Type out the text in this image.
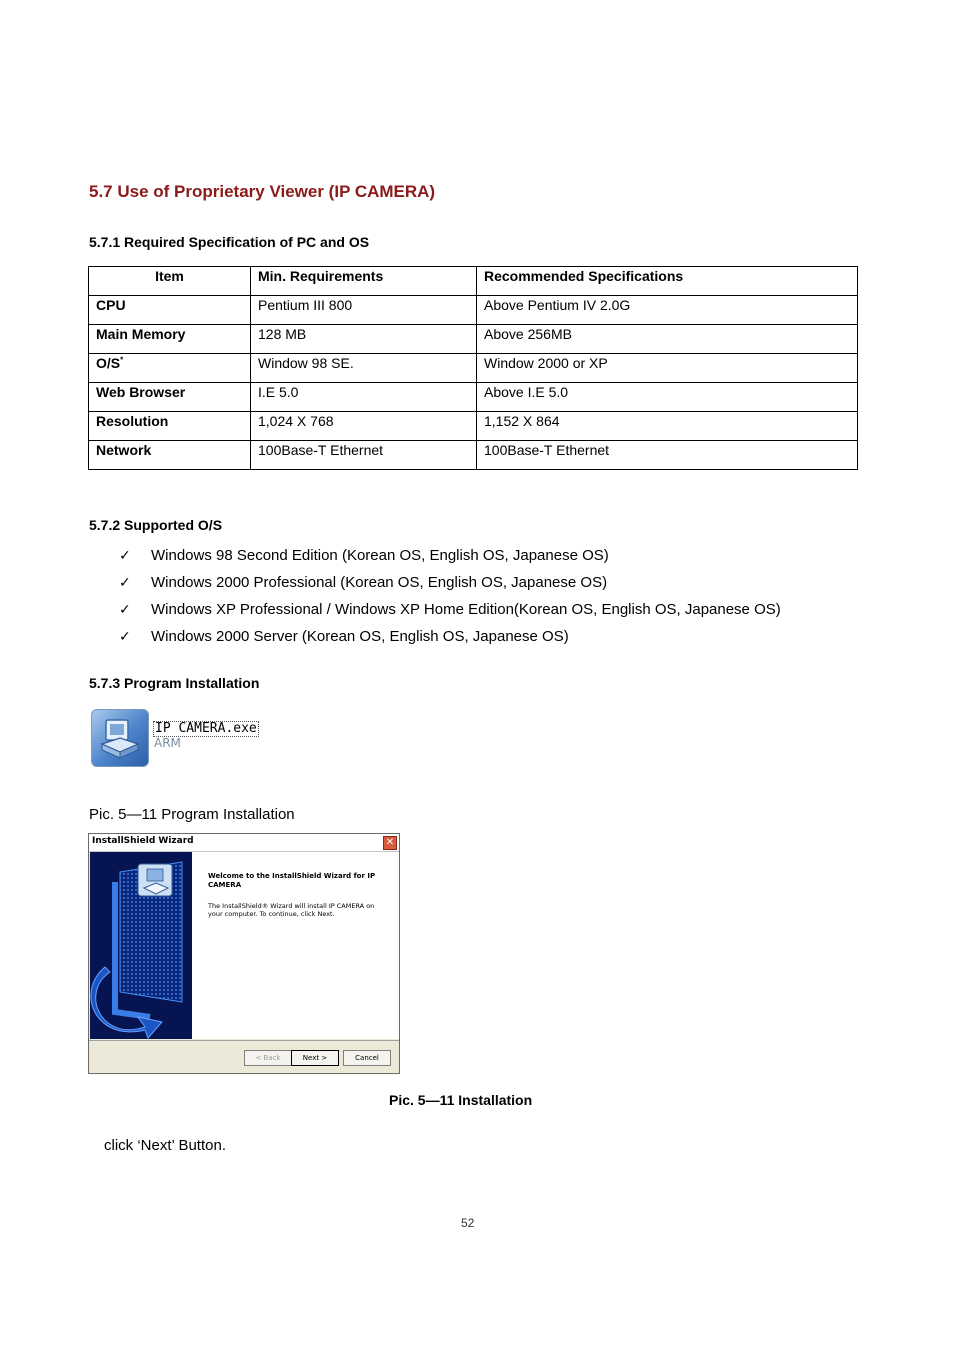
5.7 Use of Proprietary Viewer (IP CAMERA)
5.7.1 Required Specification of PC and OS
Item	Min. Requirements	Recommended Specifications
CPU	Pentium III 800	Above Pentium IV 2.0G
Main Memory	128 MB	Above 256MB
O/S*	Window 98 SE.	Window 2000 or XP
Web Browser	I.E 5.0	Above I.E 5.0
Resolution	1,024 X 768	1,152 X 864
Network	100Base-T Ethernet	100Base-T Ethernet
5.7.2 Supported O/S
✓	Windows 98 Second Edition (Korean OS, English OS, Japanese OS)
✓	Windows 2000 Professional (Korean OS, English OS, Japanese OS)
✓	Windows XP Professional / Windows XP Home Edition(Korean OS, English OS, Japanese OS)
✓	Windows 2000 Server (Korean OS, English OS, Japanese OS)
5.7.3 Program Installation
IP CAMERA.exe
ARM
Pic. 5—11 Program Installation
InstallShield Wizard	✕
Welcome to the InstallShield Wizard for IP CAMERA
The InstallShield® Wizard will install IP CAMERA on your computer. To continue, click Next.
< Back	Next >	Cancel
Pic. 5—11 Installation
click ‘Next’ Button.
52
